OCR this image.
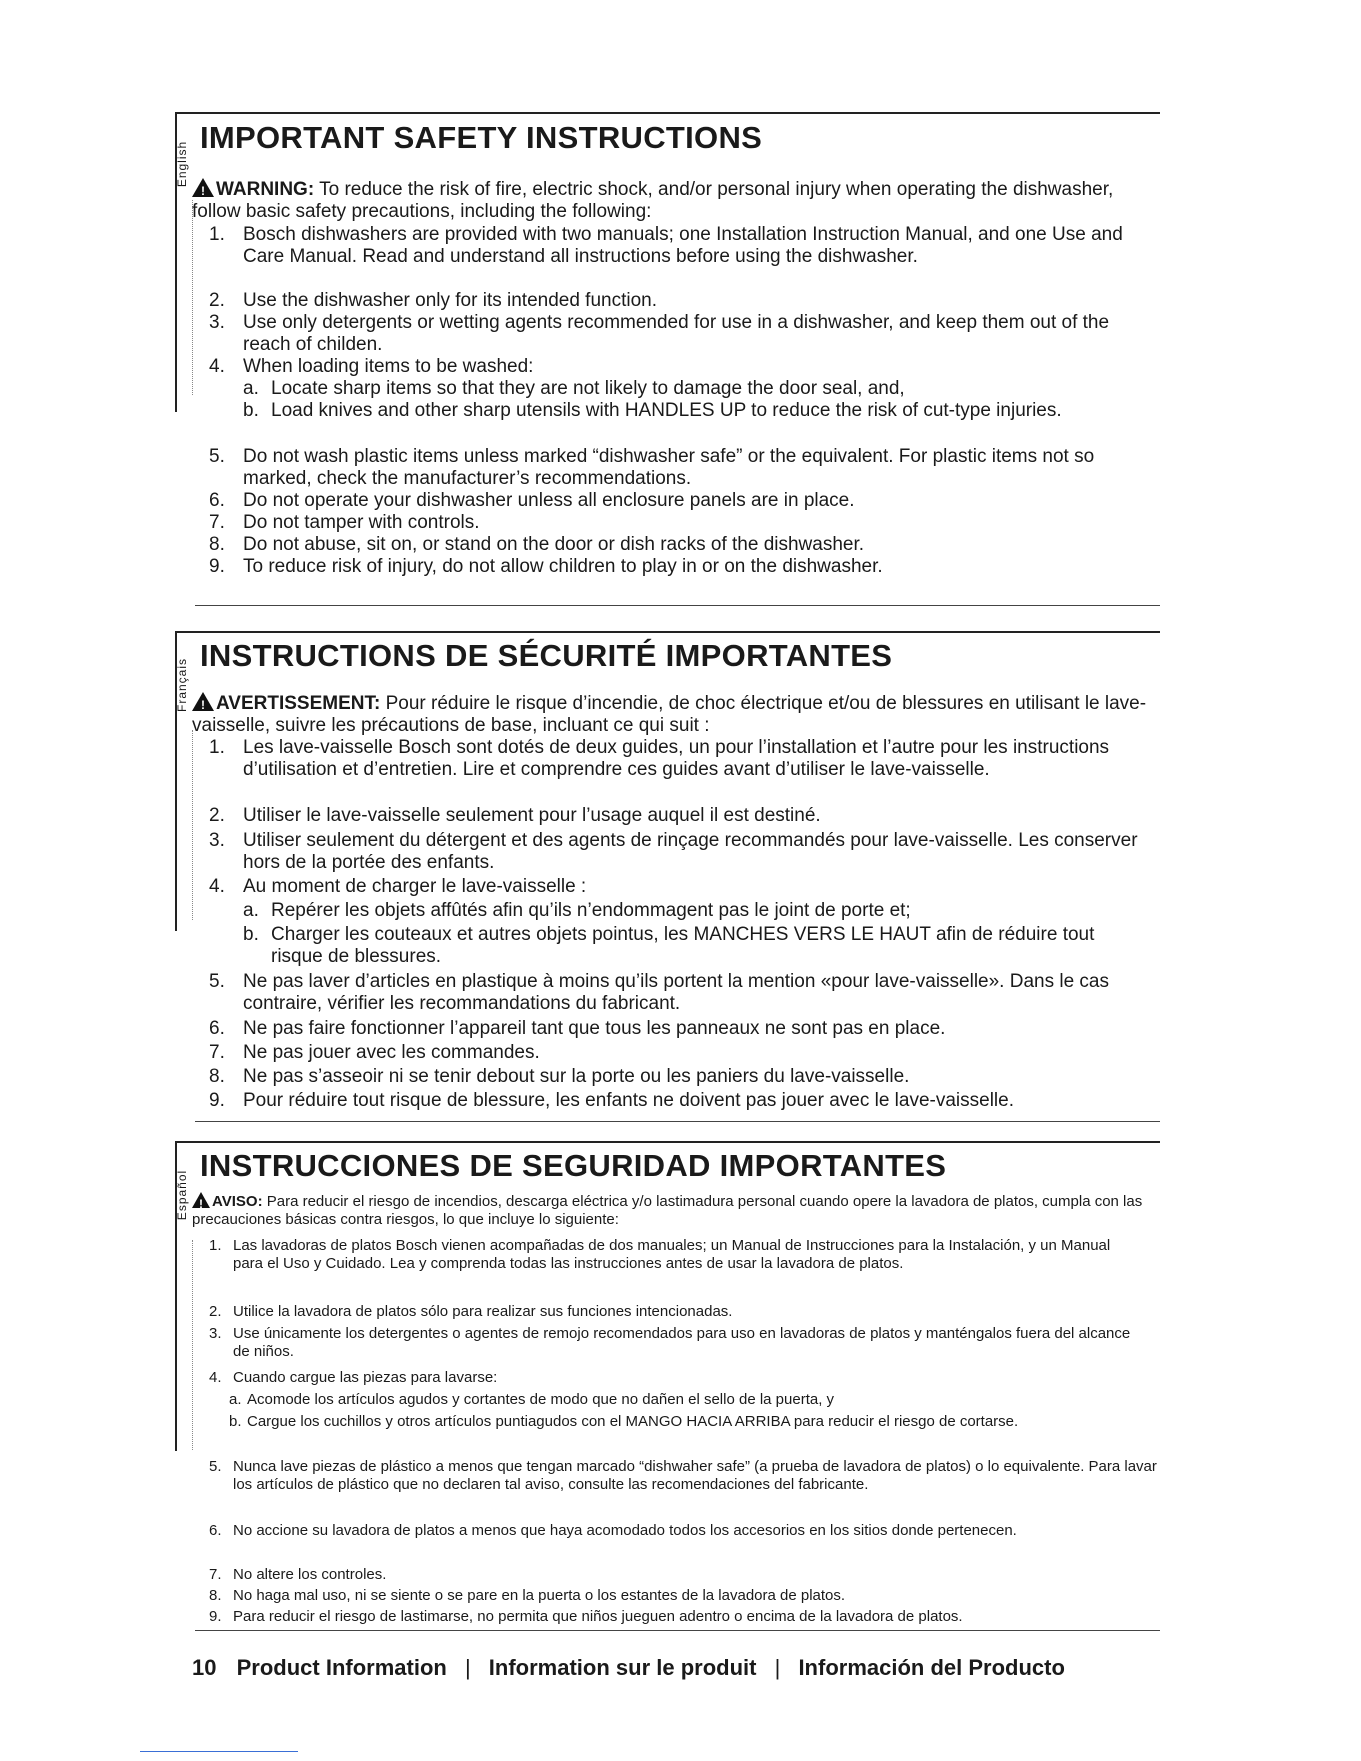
English
IMPORTANT SAFETY INSTRUCTIONS
!WARNING: To reduce the risk of fire, electric shock, and/or personal injury when operating the dishwasher, follow basic safety precautions, including the following:
1. Bosch dishwashers are provided with two manuals; one Installation Instruction Manual, and one Use and Care Manual. Read and understand all instructions before using the dishwasher.
2. Use the dishwasher only for its intended function.
3. Use only detergents or wetting agents recommended for use in a dishwasher, and keep them out of the reach of childen.
4. When loading items to be washed:
a. Locate sharp items so that they are not likely to damage the door seal, and,
b. Load knives and other sharp utensils with HANDLES UP to reduce the risk of cut-type injuries.
5. Do not wash plastic items unless marked “dishwasher safe” or the equivalent. For plastic items not so marked, check the manufacturer’s recommendations.
6. Do not operate your dishwasher unless all enclosure panels are in place.
7. Do not tamper with controls.
8. Do not abuse, sit on, or stand on the door or dish racks of the dishwasher.
9. To reduce risk of injury, do not allow children to play in or on the dishwasher.
Français
INSTRUCTIONS DE SÉCURITÉ IMPORTANTES
!AVERTISSEMENT: Pour réduire le risque d’incendie, de choc électrique et/ou de blessures en utilisant le lave-vaisselle, suivre les précautions de base, incluant ce qui suit :
1. Les lave-vaisselle Bosch sont dotés de deux guides, un pour l’installation et l’autre pour les instructions d’utilisation et d’entretien. Lire et comprendre ces guides avant d’utiliser le lave-vaisselle.
2. Utiliser le lave-vaisselle seulement pour l’usage auquel il est destiné.
3. Utiliser seulement du détergent et des agents de rinçage recommandés pour lave-vaisselle. Les conserver hors de la portée des enfants.
4. Au moment de charger le lave-vaisselle :
a. Repérer les objets affûtés afin qu’ils n’endommagent pas le joint de porte et;
b. Charger les couteaux et autres objets pointus, les MANCHES VERS LE HAUT afin de réduire tout risque de blessures.
5. Ne pas laver d’articles en plastique à moins qu’ils portent la mention «pour lave-vaisselle». Dans le cas contraire, vérifier les recommandations du fabricant.
6. Ne pas faire fonctionner l’appareil tant que tous les panneaux ne sont pas en place.
7. Ne pas jouer avec les commandes.
8. Ne pas s’asseoir ni se tenir debout sur la porte ou les paniers du lave-vaisselle.
9. Pour réduire tout risque de blessure, les enfants ne doivent pas jouer avec le lave-vaisselle.
Español
INSTRUCCIONES DE SEGURIDAD IMPORTANTES
!AVISO: Para reducir el riesgo de incendios, descarga eléctrica y/o lastimadura personal cuando opere la lavadora de platos, cumpla con las precauciones básicas contra riesgos, lo que incluye lo siguiente:
1. Las lavadoras de platos Bosch vienen acompañadas de dos manuales; un Manual de Instrucciones para la Instalación, y un Manual para el Uso y Cuidado. Lea y comprenda todas las instrucciones antes de usar la lavadora de platos.
2. Utilice la lavadora de platos sólo para realizar sus funciones intencionadas.
3. Use únicamente los detergentes o agentes de remojo recomendados para uso en lavadoras de platos y manténgalos fuera del alcance de niños.
4. Cuando cargue las piezas para lavarse:
a. Acomode los artículos agudos y cortantes de modo que no dañen el sello de la puerta, y
b. Cargue los cuchillos y otros artículos puntiagudos con el MANGO HACIA ARRIBA para reducir el riesgo de cortarse.
5. Nunca lave piezas de plástico a menos que tengan marcado “dishwaher safe” (a prueba de lavadora de platos) o lo equivalente. Para lavar los artículos de plástico que no declaren tal aviso, consulte las recomendaciones del fabricante.
6. No accione su lavadora de platos a menos que haya acomodado todos los accesorios en los sitios donde pertenecen.
7. No altere los controles.
8. No haga mal uso, ni se siente o se pare en la puerta o los estantes de la lavadora de platos.
9. Para reducir el riesgo de lastimarse, no permita que niños jueguen adentro o encima de la lavadora de platos.
10 Product Information | Information sur le produit | Información del Producto
